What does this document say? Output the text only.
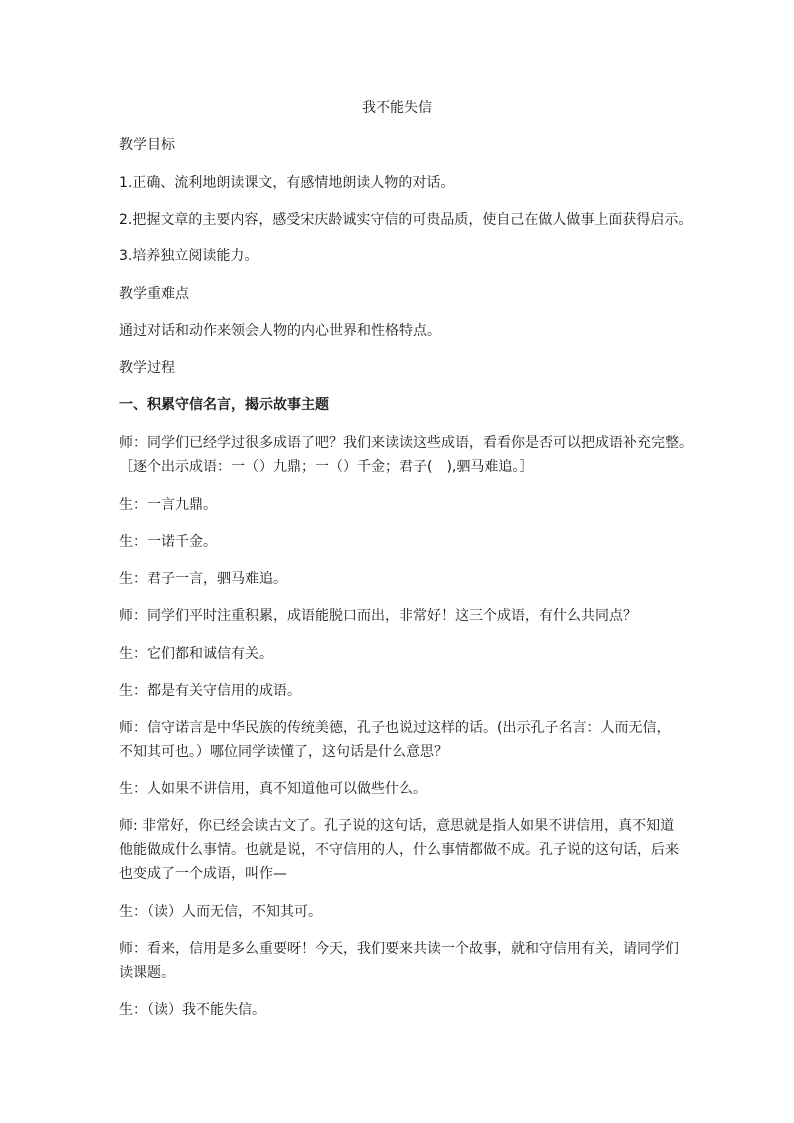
我不能失信
教学目标
1.正确、流利地朗读课文，有感情地朗读人物的对话。
2.把握文章的主要内容，感受宋庆龄诚实守信的可贵品质，使自己在做人做事上面获得启示。
3.培养独立阅读能力。
教学重难点
通过对话和动作来领会人物的内心世界和性格特点。
教学过程
一、积累守信名言，揭示故事主题
师：同学们已经学过很多成语了吧？我们来读读这些成语，看看你是否可以把成语补充完整。
［逐个出示成语：一（）九鼎；一（）千金；君子(　),驷马难追。］
生：一言九鼎。
生：一诺千金。
生：君子一言，驷马难追。
师：同学们平时注重积累，成语能脱口而出，非常好！这三个成语，有什么共同点？
生：它们都和诚信有关。
生：都是有关守信用的成语。
师：信守诺言是中华民族的传统美德，孔子也说过这样的话。(出示孔子名言：人而无信，
不知其可也。）哪位同学读懂了，这句话是什么意思？
生：人如果不讲信用，真不知道他可以做些什么。
师: 非常好，你已经会读古文了。孔子说的这句话，意思就是指人如果不讲信用，真不知道
他能做成什么事情。也就是说，不守信用的人，什么事情都做不成。孔子说的这句话，后来
也变成了一个成语，叫作—
生：（读）人而无信，不知其可。
师：看来，信用是多么重要呀！今天，我们要来共读一个故事，就和守信用有关，请同学们
读课题。
生：（读）我不能失信。
